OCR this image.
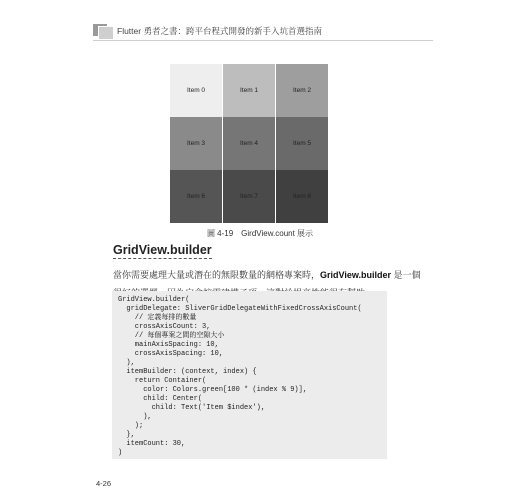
Flutter 勇者之書：跨平台程式開發的新手入坑首選指南
Item 0	Item 1	Item 2
Item 3	Item 4	Item 5
Item 6	Item 7	Item 8
圖 4-19　GirdView.count 展示
GridView.builder
當你需要處理大量或潛在的無限數量的網格專案時，GridView.builder 是一個
GridView.builder(
gridDelegate: SliverGridDelegateWithFixedCrossAxisCount(
// 定義每排的數量
crossAxisCount: 3,
// 每個專案之間的空隙大小
mainAxisSpacing: 10,
crossAxisSpacing: 10,
),
itemBuilder: (context, index) {
return Container(
color: Colors.green[100 * (index % 9)],
child: Center(
child: Text('Item $index'),
),
);
},
itemCount: 30,
)
4-26
